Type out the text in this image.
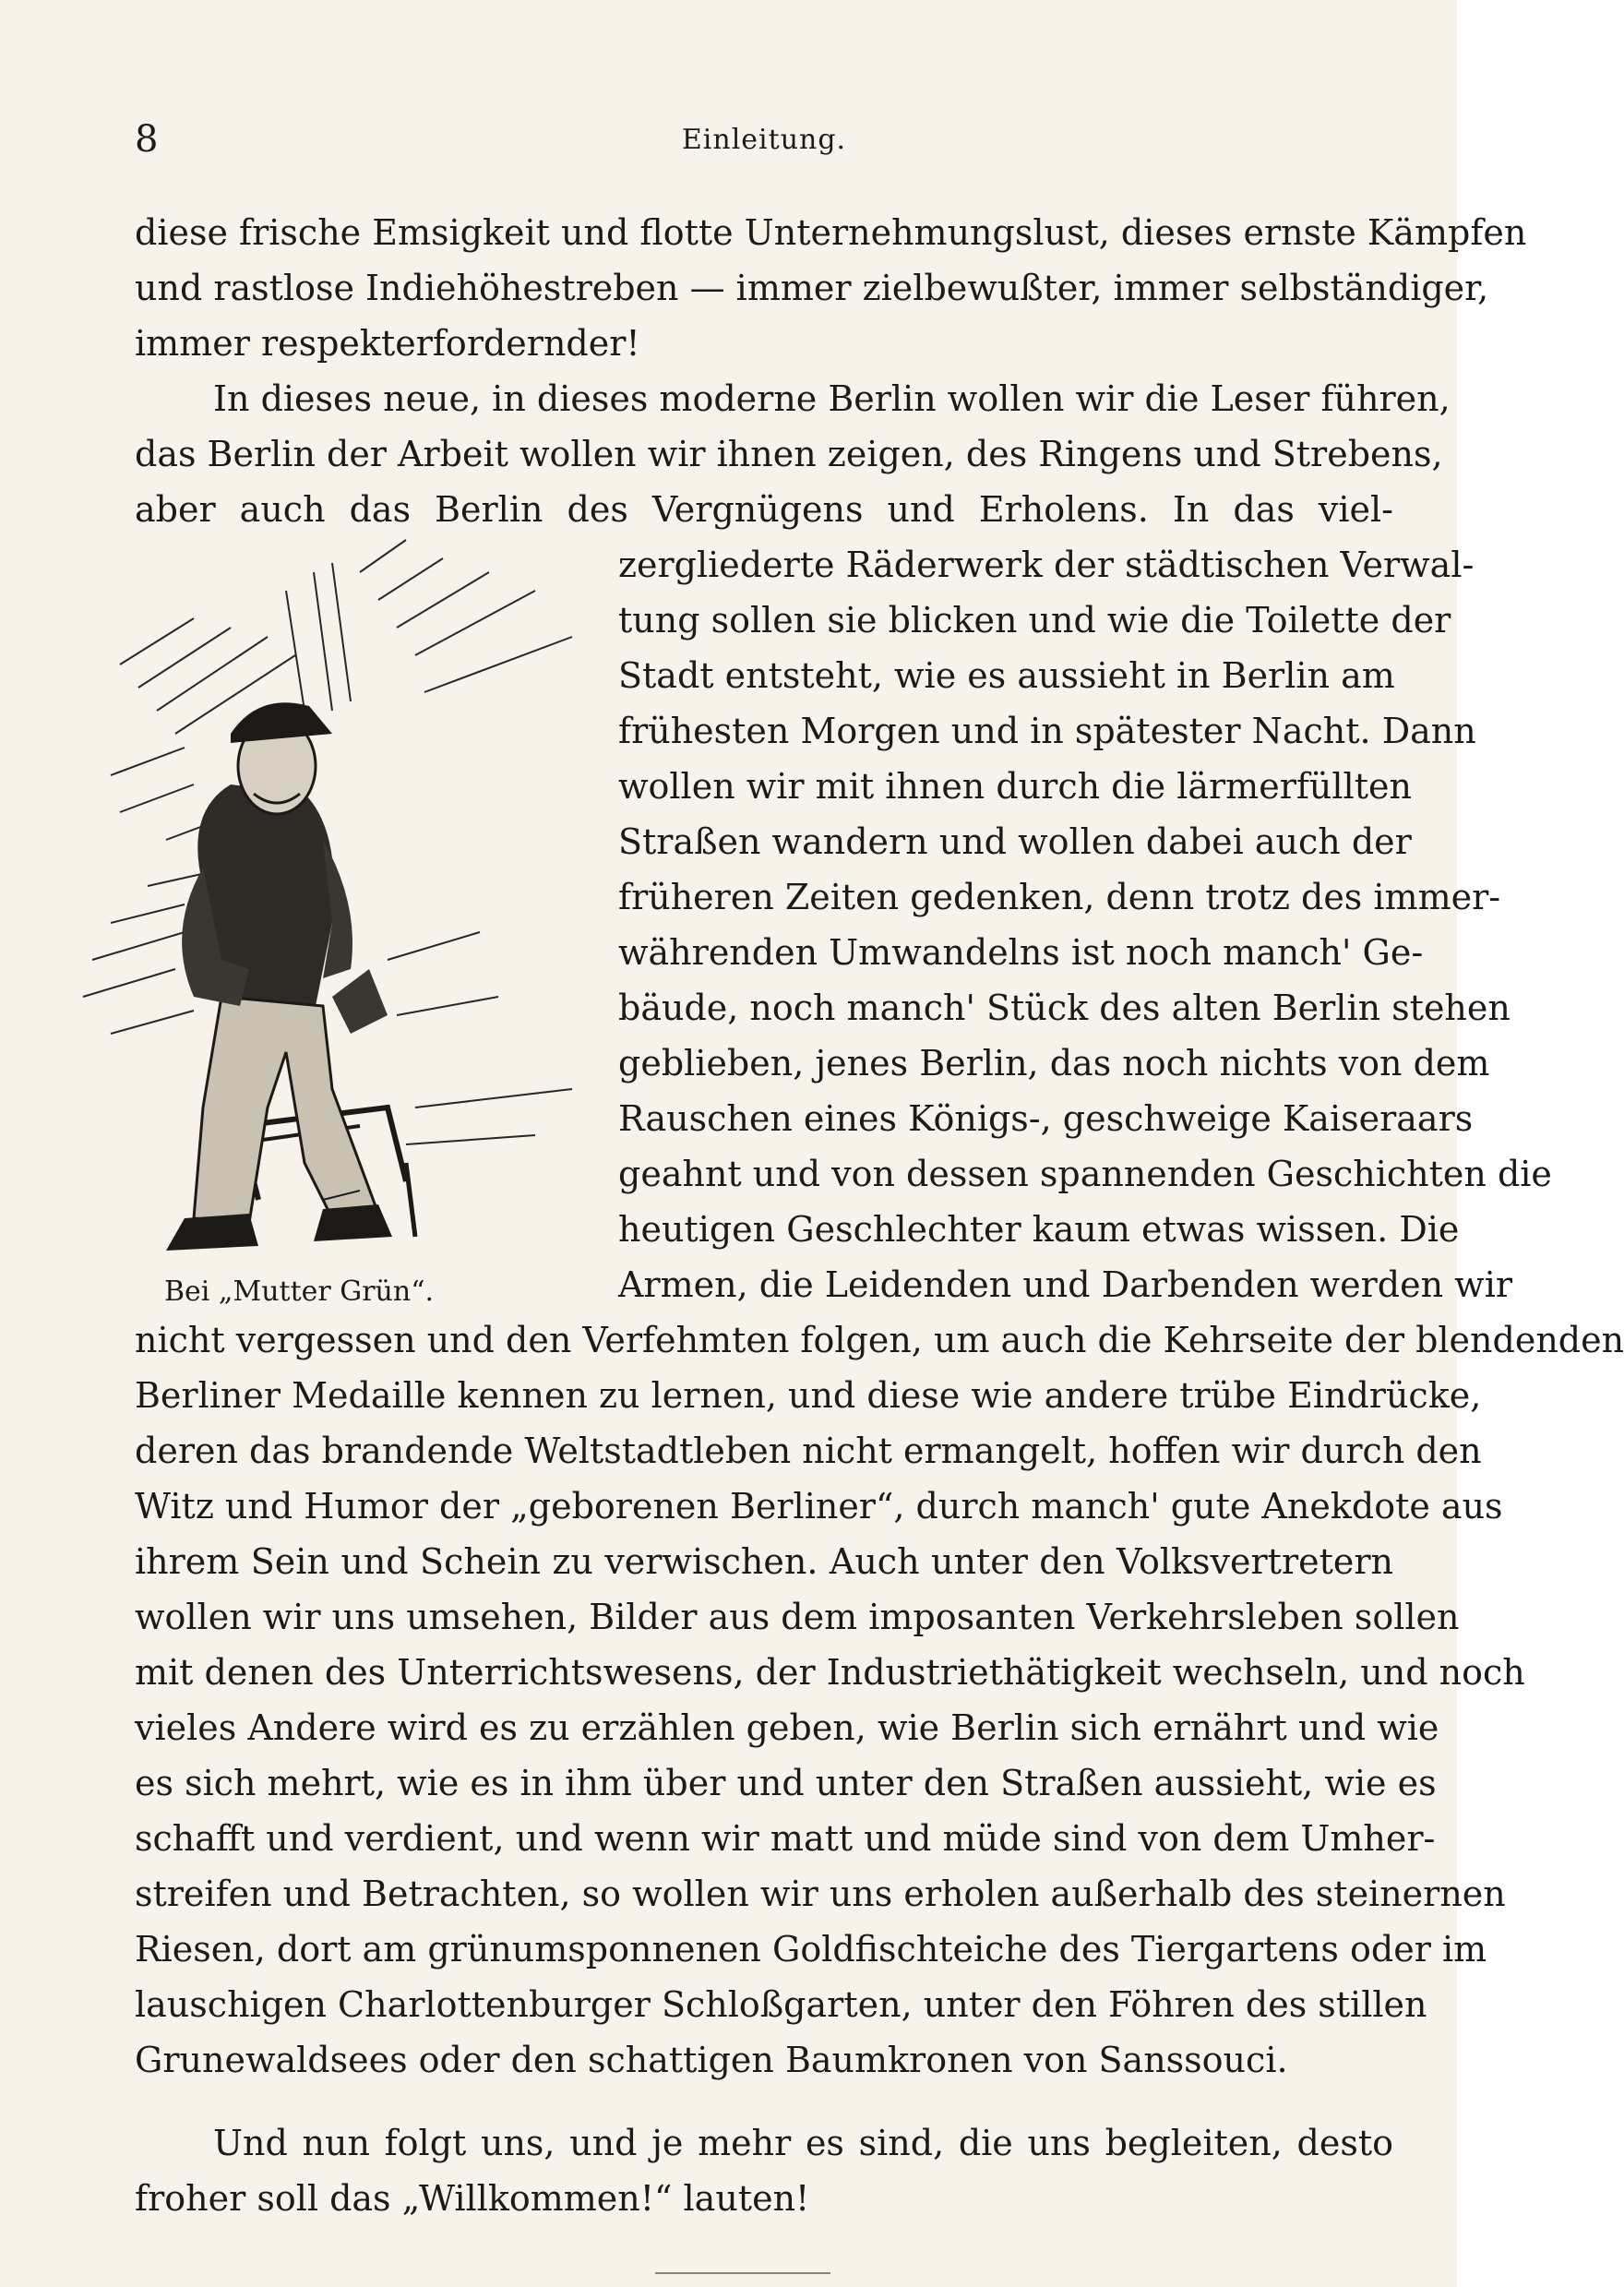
8	Einleitung.
diese frische Emsigkeit und flotte Unternehmungslust, dieses ernste Kämpfen
und rastlose Indiehöhestreben — immer zielbewußter, immer selbständiger,
immer respekterfordernder!
In dieses neue, in dieses moderne Berlin wollen wir die Leser führen,
das Berlin der Arbeit wollen wir ihnen zeigen, des Ringens und Strebens,
aber auch das Berlin des Vergnügens und Erholens. In das viel-
zergliederte Räderwerk der städtischen Verwal-
tung sollen sie blicken und wie die Toilette der
Stadt entsteht, wie es aussieht in Berlin am
frühesten Morgen und in spätester Nacht. Dann
wollen wir mit ihnen durch die lärmerfüllten
Straßen wandern und wollen dabei auch der
früheren Zeiten gedenken, denn trotz des immer-
währenden Umwandelns ist noch manch' Ge-
bäude, noch manch' Stück des alten Berlin stehen
geblieben, jenes Berlin, das noch nichts von dem
Rauschen eines Königs-, geschweige Kaiseraars
geahnt und von dessen spannenden Geschichten die
heutigen Geschlechter kaum etwas wissen. Die
Armen, die Leidenden und Darbenden werden wir
nicht vergessen und den Verfehmten folgen, um auch die Kehrseite der blendenden
Berliner Medaille kennen zu lernen, und diese wie andere trübe Eindrücke,
deren das brandende Weltstadtleben nicht ermangelt, hoffen wir durch den
Witz und Humor der „geborenen Berliner“, durch manch' gute Anekdote aus
ihrem Sein und Schein zu verwischen. Auch unter den Volksvertretern
wollen wir uns umsehen, Bilder aus dem imposanten Verkehrsleben sollen
mit denen des Unterrichtswesens, der Industriethätigkeit wechseln, und noch
vieles Andere wird es zu erzählen geben, wie Berlin sich ernährt und wie
es sich mehrt, wie es in ihm über und unter den Straßen aussieht, wie es
schafft und verdient, und wenn wir matt und müde sind von dem Umher-
streifen und Betrachten, so wollen wir uns erholen außerhalb des steinernen
Riesen, dort am grünumsponnenen Goldfischteiche des Tiergartens oder im
lauschigen Charlottenburger Schloßgarten, unter den Föhren des stillen
Grunewaldsees oder den schattigen Baumkronen von Sanssouci.
Und nun folgt uns, und je mehr es sind, die uns begleiten, desto
froher soll das „Willkommen!“ lauten!
Bei „Mutter Grün“.
